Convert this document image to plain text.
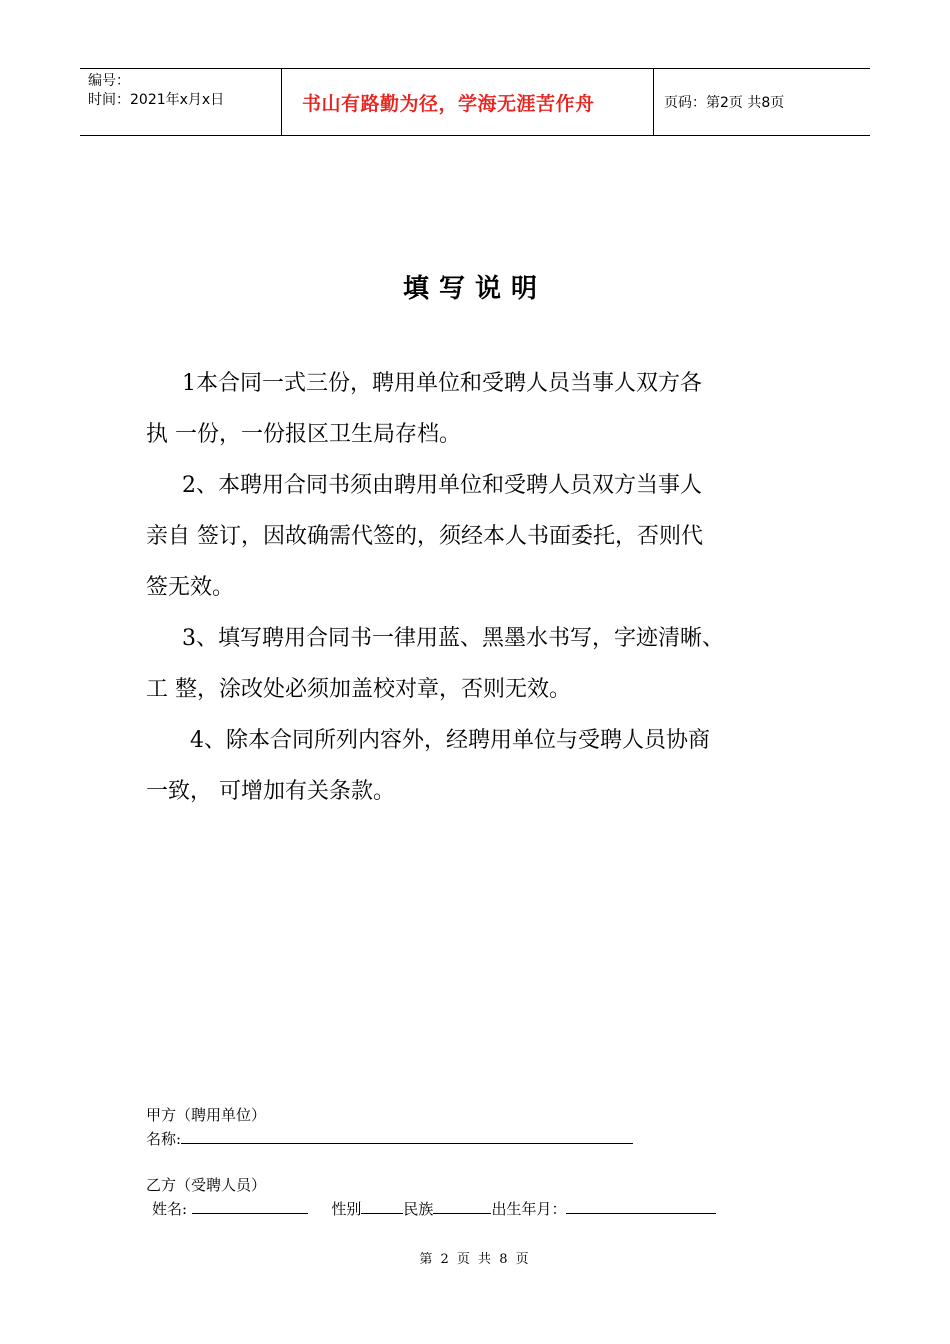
编号：
时间：2021年x月x日	书山有路勤为径，学海无涯苦作舟	页码：第2页 共8页
填写说明
1本合同一式三份，聘用单位和受聘人员当事人双方各
执 一份，一份报区卫生局存档。
2、本聘用合同书须由聘用单位和受聘人员双方当事人
亲自 签订，因故确需代签的，须经本人书面委托，否则代
签无效。
3、填写聘用合同书一律用蓝、黑墨水书写，字迹清晰、
工 整，涂改处必须加盖校对章，否则无效。
4、除本合同所列内容外，经聘用单位与受聘人员协商
一致， 可增加有关条款。
甲方（聘用单位）
名称:
乙方（受聘人员）
姓名:	性别	民族	出生年月：
第 2 页 共 8 页
